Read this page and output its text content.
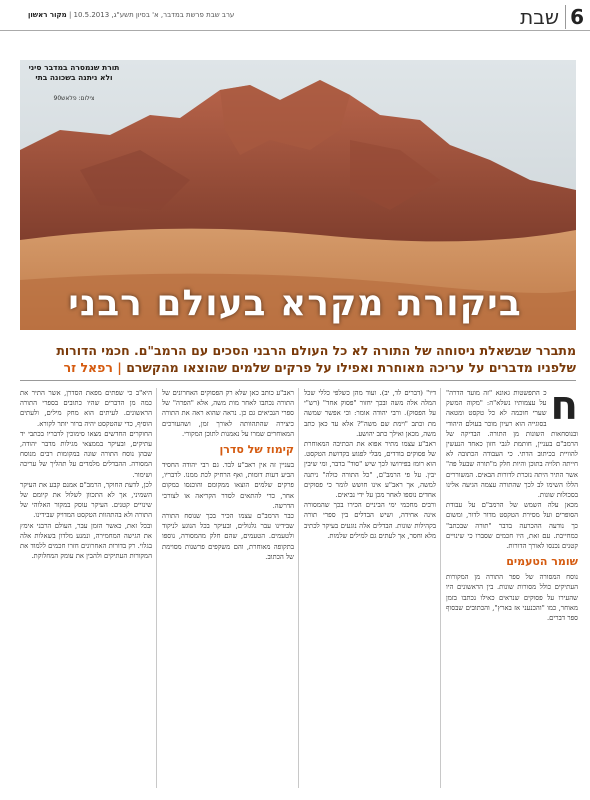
6
שבת
ערב שבת פרשת במדבר, א' בסיון תשע"ג, 10.5.2013 | מקור ראשון
תורת שנמסרה במדבר סיני ולא ניתנה בשכונה בתי
צילום: פלאש90
ביקורת מקרא בעולם רבני
מתברר שבשאלת ניסוחה של התורה לא כל העולם הרבני הסכים עם הרמב"ם. חכמי הדורות שלפניו מדברים על עריכה מאוחרת ואפילו על פרקים שלמים שהוצאו מהקשרם | רפאל זר
ח

כ התפשטות גאונא "זה מועד הדרה" על עצמותיו נשלא"ה: "מקוה המשק שערי חוכמה לא כל טקסט ומטאה בסוגייה הוא רעיון מוכר בעולם היהודי ובנוסחאות השונות מן התורה. הבדיקה של הרמב"ם בעניין, חותמת לגבי חזון כאחד הנעשין להוויית בכיתוב הדתי. כי העבודה הכתובה לא חייתה תלויה בתוכן והיות חלק מ"תורה שבעל פה" אשר התיר היתה נזכרת לדורות הבאים. המשוררים הללו השימו לב לכך שהתורה עצמה הגיעה אלינו בסכולות שונות.

מכאן עלה השמש של הרמב"ם על עבודת הסופרים ועל מסירת הטקסט מדור לדור, ומשום כך נודעה ההכרעה בדבר "תורה שבכתב" כמחייבת. עם זאת, היו חכמים שסברו כי שינויים קטנים נכנסו לאורך הדורות.

שומר הטעמים

נוסח המסורה של ספר התורה מן המקורות העתיקים כולל מסורות שונות. בין הראשונים היו שהעירו על פסוקים שנראים כאילו נכתבו בזמן מאוחר, כמו "והכנעני אז בארץ", והכתובים שבסוף ספר דברים.

דיו" (דברים לד, יב). ועוד מהן כשלפי כללי שכל המלה אלה משה ובכך יחזור "פסוק אחד" (רש"י על הפסוק). ורבי יהודה אומר: וכי אפשר שמשה מת וכתב "וימת שם משה"? אלא עד כאן כתב משה, מכאן ואילך כתב יהושע.

ראב"ע עצמו מתיר אפוא את הכתיבה המאוחרת של פסוקים בודדים, מבלי לפגוע בקדושת הטקסט. הוא רומז בפירושו לכך שיש "סוד" בדבר, ומי שיבין יבין. על פי הרמב"ם, "כל התורה כולה" ניתנה למשה, אך ראב"ע אינו חושש לומר כי פסוקים אחדים נוספו לאחר מכן על ידי נביאים.

ורבים מחכמי ימי הביניים הכירו בכך שהמסורה אינה אחידה, ושיש הבדלים בין ספרי תורה בקהילות שונות. הבדלים אלה נוגעים בעיקר לכתיב מלא וחסר, אך לעתים גם למילים שלמות.

ראב"ע כותב כאן שלא רק הפסוקים האחרונים של התורה נכתבו לאחר מות משה, אלא "הפרה" של ספרי הנביאים גם כן. נראה שהוא ראה את התורה כיצירה שהתהוותה לאורך זמן, ושהעורכים המאוחרים שמרו על נאמנות לתוכן המקורי.

קימוז של סדרן

בעניין זה אין ראב"ע לבד. גם רבי יהודה החסיד הביע דעות דומות, ואף הרחיק לכת ממנו. לדבריו, פרקים שלמים הוצאו ממקומם והוכנסו במקום אחר, כדי להתאים לסדר הקריאה או לצורכי הדרשה.

כבר הרמב"ם עצמו הכיר בכך שנוסח התורה שבידינו עבר גלגולים, ובעיקר בכל הנוגע לניקוד ולטעמים. הטעמים, שהם חלק מהמסורה, נוספו בתקופה מאוחרת, והם משקפים פרשנות מסוימת של הכתוב.

היא"ב כי שפתים מפאת הסדרן, אשר התיר את כמה מן הדברים שהיו כתובים בספרי התורה הראשונים. לעיתים הוא מחק מילים, ולעתים הוסיף, כדי שהטקסט יהיה ברור יותר לקורא.

החוקרים החדשים מצאו סימוכין לדבריו בכתבי יד עתיקים, ובעיקר בממצאי מגילות מדבר יהודה, שבהן נוסח התורה שונה במקומות רבים מנוסח המסורה. ההבדלים מלמדים על תהליך של עריכה ושימור.

לכן, לדעת החוקר, הרמב"ם אמנם קבע את העיקר השמיני, אך לא התכוון לשלול את קיומם של שינויים קטנים. העיקר עוסק במקור האלוהי של התורה ולא בהתהוות הטקסט המדויק שבידינו.

ובכל זאת, כאשר הזמן עבר, העולם הרבני אימץ את הגישה המחמירה, ונמנע מלדון בשאלות אלה בגלוי. רק בדורות האחרונים חזרו חכמים ללמוד את המקורות העתיקים ולהבין את עומק המחלוקת.
